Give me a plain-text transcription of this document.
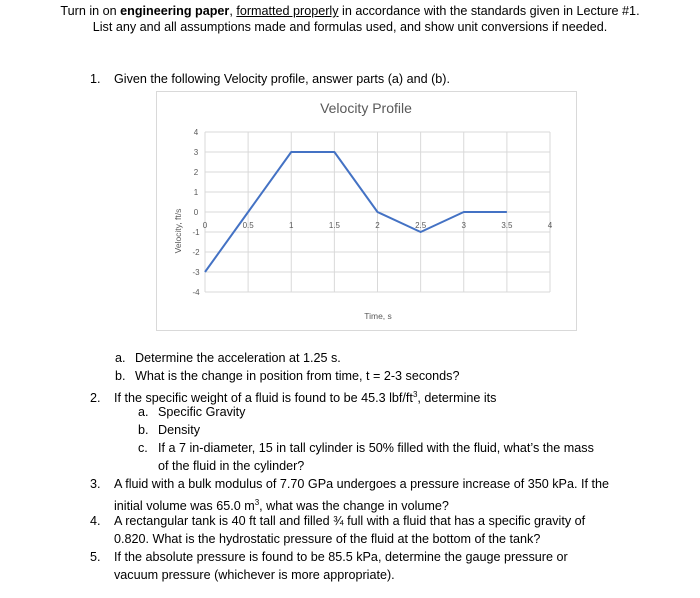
Turn in on engineering paper, formatted properly in accordance with the standards given in Lecture #1.
List any and all assumptions made and formulas used, and show unit conversions if needed.
1. Given the following Velocity profile, answer parts (a) and (b).
Velocity Profile
4
3
2
1
0
-1
-2
-3
-4
0	0.5	1	1.5	2	2.5	3	3.5	4
Velocity, ft/s
Time, s
a. Determine the acceleration at 1.25 s.
b. What is the change in position from time, t = 2-3 seconds?
2. If the specific weight of a fluid is found to be 45.3 lbf/$ft^3$, determine its
a. Specific Gravity
b. Density
c. If a 7 in-diameter, 15 in tall cylinder is 50% filled with the fluid, what’s the mass
of the fluid in the cylinder?
3. A fluid with a bulk modulus of 7.70 GPa undergoes a pressure increase of 350 kPa. If the
initial volume was 65.0 $m^3$, what was the change in volume?
4. A rectangular tank is 40 ft tall and filled ¾ full with a fluid that has a specific gravity of
0.820. What is the hydrostatic pressure of the fluid at the bottom of the tank?
5. If the absolute pressure is found to be 85.5 kPa, determine the gauge pressure or
vacuum pressure (whichever is more appropriate).
